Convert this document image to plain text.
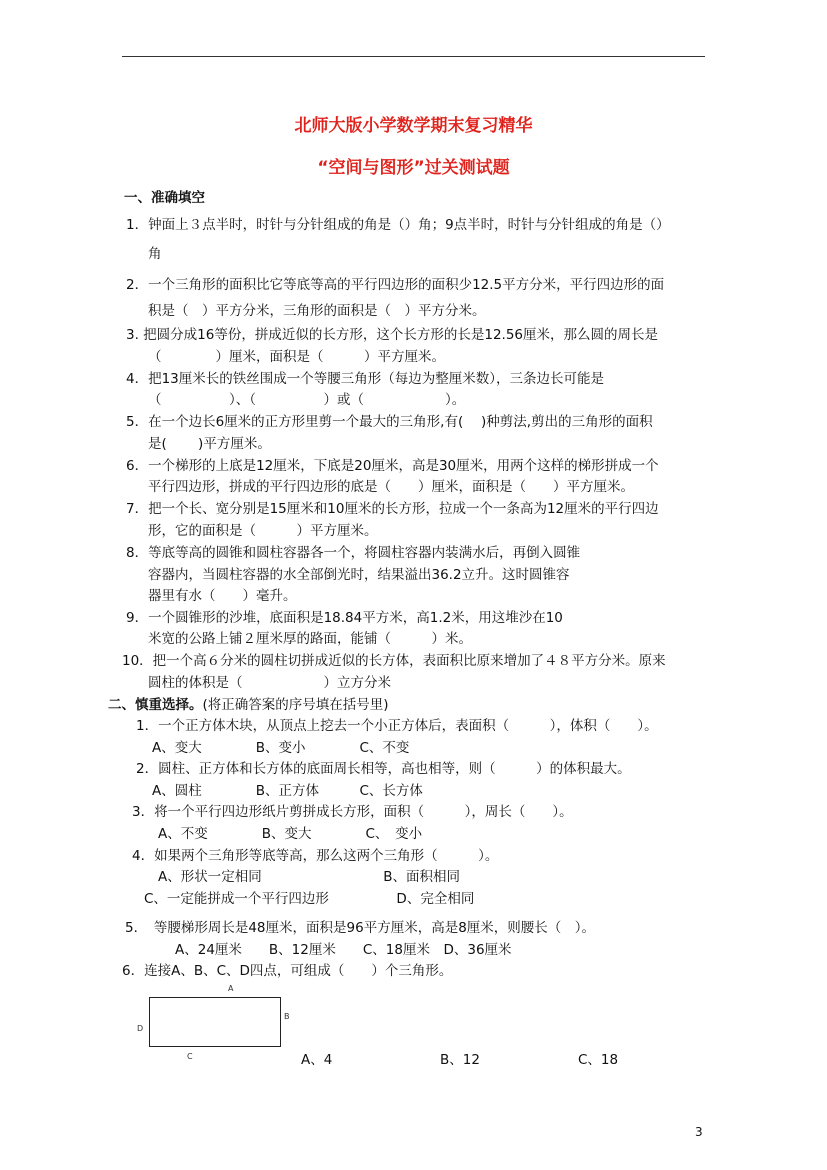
北师大版小学数学期末复习精华
“空间与图形”过关测试题
一、准确填空
1．钟面上３点半时，时针与分针组成的角是（）角；9点半时，时针与分针组成的角是（）
角
2．一个三角形的面积比它等底等高的平行四边形的面积少12.5平方分米，平行四边形的面
积是（　）平方分米，三角形的面积是（　）平方分米。
3. 把圆分成16等份，拼成近似的长方形，这个长方形的长是12.56厘米，那么圆的周长是
（　　　　）厘米，面积是（　　　）平方厘米。
4．把13厘米长的铁丝围成一个等腰三角形（每边为整厘米数），三条边长可能是
（　　　　　）、（　　　　　）或（　　　　　　）。
5．在一个边长6厘米的正方形里剪一个最大的三角形,有(　 )种剪法,剪出的三角形的面积
是(　　 )平方厘米。
6．一个梯形的上底是12厘米，下底是20厘米，高是30厘米，用两个这样的梯形拼成一个
平行四边形，拼成的平行四边形的底是（　　）厘米，面积是（　　）平方厘米。
7．把一个长、宽分别是15厘米和10厘米的长方形，拉成一个一条高为12厘米的平行四边
形，它的面积是（　　　）平方厘米。
8．等底等高的圆锥和圆柱容器各一个，将圆柱容器内装满水后，再倒入圆锥
容器内，当圆柱容器的水全部倒光时，结果溢出36.2立升。这时圆锥容
器里有水（　　）毫升。
9．一个圆锥形的沙堆，底面积是18.84平方米，高1.2米，用这堆沙在10
米宽的公路上铺２厘米厚的路面，能铺（　　　）米。
10．把一个高６分米的圆柱切拼成近似的长方体，表面积比原来增加了４８平方分米。原来
圆柱的体积是（　　　　　　）立方分米
二、慎重选择。(将正确答案的序号填在括号里)
1．一个正方体木块，从顶点上挖去一个小正方体后，表面积（　　　），体积（　　）。
A、变大　　　　B、变小　　　　C、不变
2．圆柱、正方体和长方体的底面周长相等，高也相等，则（　　　）的体积最大。
A、圆柱　　　　B、正方体　　　C、长方体
3．将一个平行四边形纸片剪拼成长方形，面积（　　　），周长（　　）。
A、不变　　　　B、变大　　　　C、　变小
4．如果两个三角形等底等高，那么这两个三角形（　　　）。
A、形状一定相同　　　　　　　　　B、面积相同
C、一定能拼成一个平行四边形　　　　　D、完全相同
5．　等腰梯形周长是48厘米，面积是96平方厘米，高是8厘米，则腰长（　）。
A、24厘米　　B、12厘米　　C、18厘米　D、36厘米
6．连接A、B、C、D四点，可组成（　　）个三角形。
A
B
C
D
A、4	B、12	C、18
3
